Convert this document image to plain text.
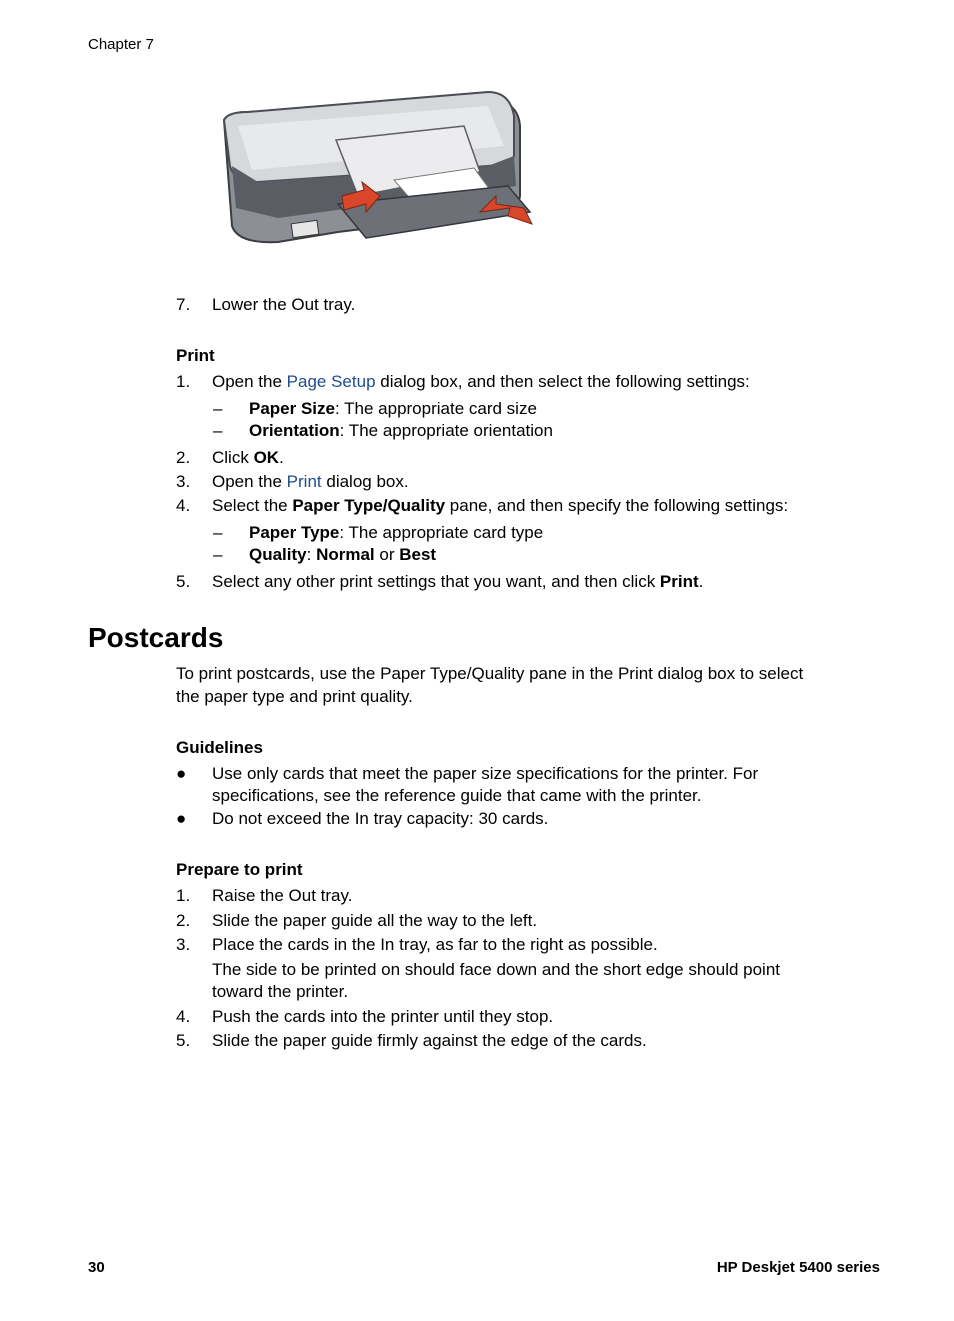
Chapter 7
7. Lower the Out tray.
Print
1. Open the Page Setup dialog box, and then select the following settings:
– Paper Size: The appropriate card size
– Orientation: The appropriate orientation
2. Click OK.
3. Open the Print dialog box.
4. Select the Paper Type/Quality pane, and then specify the following settings:
– Paper Type: The appropriate card type
– Quality: Normal or Best
5. Select any other print settings that you want, and then click Print.
Postcards
To print postcards, use the Paper Type/Quality pane in the Print dialog box to select
the paper type and print quality.
Guidelines
● Use only cards that meet the paper size specifications for the printer. For
specifications, see the reference guide that came with the printer.
● Do not exceed the In tray capacity: 30 cards.
Prepare to print
1. Raise the Out tray.
2. Slide the paper guide all the way to the left.
3. Place the cards in the In tray, as far to the right as possible.
The side to be printed on should face down and the short edge should point
toward the printer.
4. Push the cards into the printer until they stop.
5. Slide the paper guide firmly against the edge of the cards.
30	HP Deskjet 5400 series
